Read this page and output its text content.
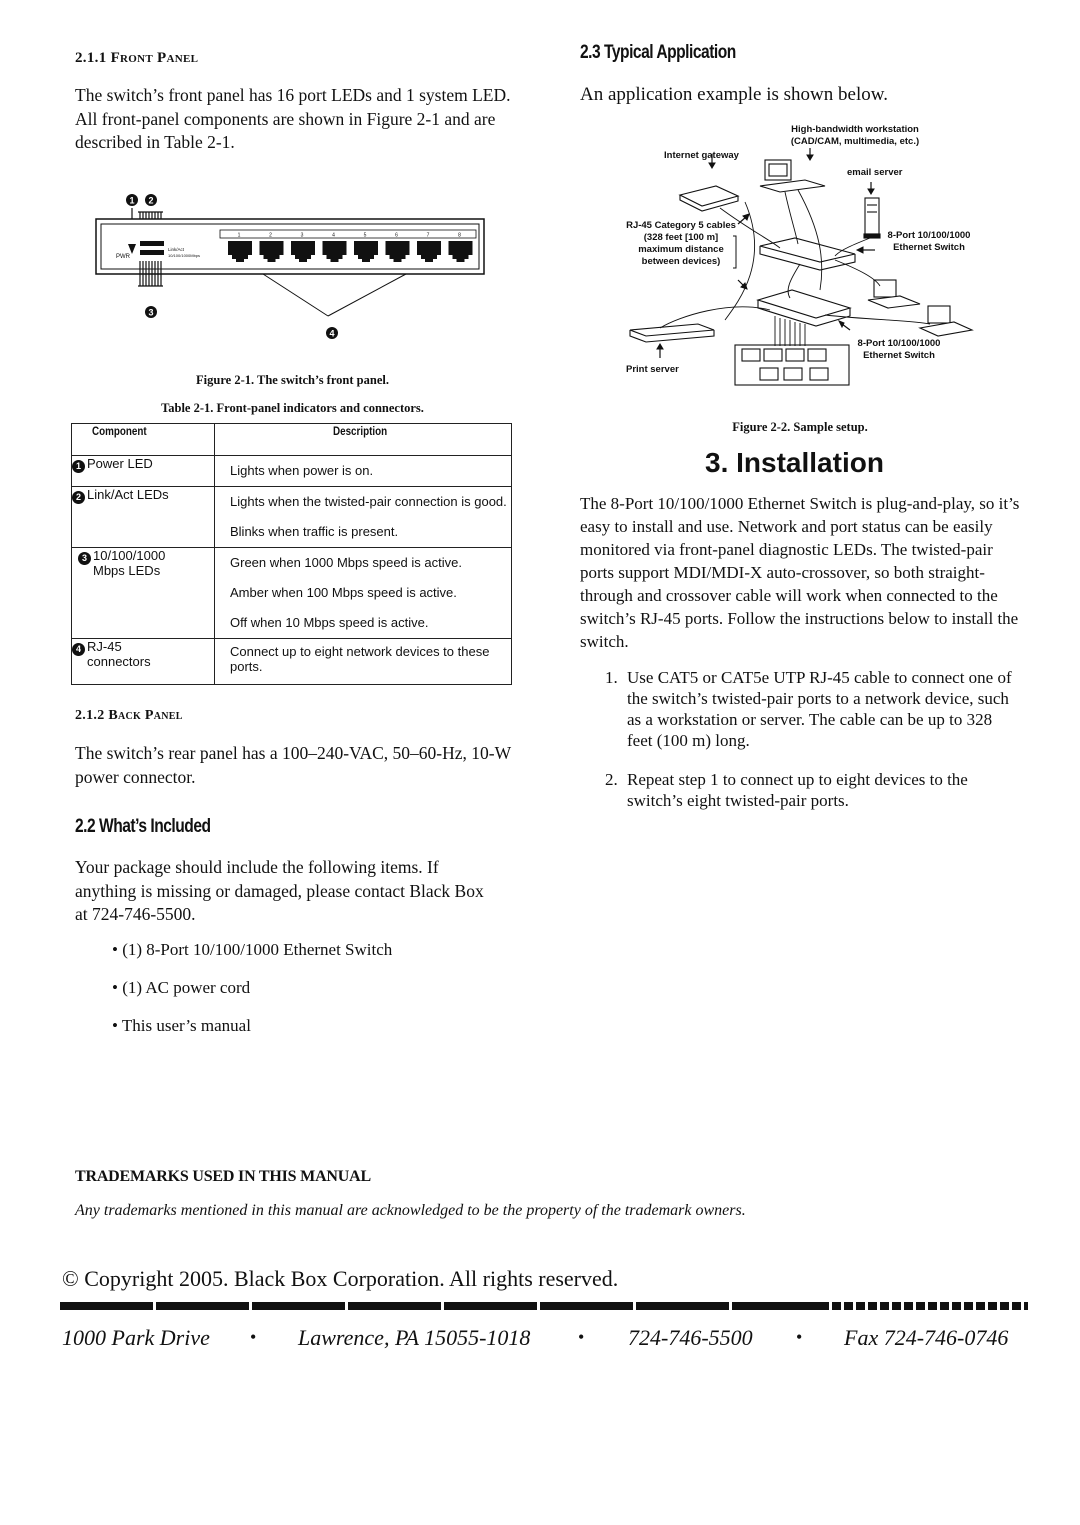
2.1.1 Front Panel
The switch’s front panel has 16 port LEDs and 1 system LED. All front-panel components are shown in Figure 2-1 and are described in Table 2-1.
1 2
PWR
Link/Act
10/100/1000Mbps
1	2	3	4	5	6	7	8
3
4
Figure 2-1. The switch’s front panel.
Table 2-1. Front-panel indicators and connectors.
Component	Description
1 Power LED	Lights when power is on.

2 Link/Act LEDs	Lights when the twisted-pair connection is good.
Blinks when traffic is present.

3 10/100/1000 Mbps LEDs	Green when 1000 Mbps speed is active.
Amber when 100 Mbps speed is active.
Off when 10 Mbps speed is active.

4 RJ-45 connectors	Connect up to eight network devices to these ports.
2.1.2 Back Panel
The switch’s rear panel has a 100–240-VAC, 50–60-Hz, 10-W power connector.
2.2 What’s Included
Your package should include the following items. If anything is missing or damaged, please contact Black Box at 724-746-5500.
• (1) 8-Port 10/100/1000 Ethernet Switch
• (1) AC power cord
• This user’s manual
2.3 Typical Application
An application example is shown below.
High-bandwidth workstation (CAD/CAM, multimedia, etc.)
Internet gateway
email server
RJ-45 Category 5 cables (328 feet [100 m] maximum distance between devices)
8-Port 10/100/1000 Ethernet Switch
8-Port 10/100/1000 Ethernet Switch
Print server
Figure 2-2. Sample setup.
3. Installation
The 8-Port 10/100/1000 Ethernet Switch is plug-and-play, so it’s easy to install and use. Network and port status can be easily monitored via front-panel diagnostic LEDs. The twisted-pair ports support MDI/MDI-X auto-crossover, so both straight-through and crossover cable will work when connected to the switch’s RJ-45 ports. Follow the instructions below to install the switch.
1. Use CAT5 or CAT5e UTP RJ-45 cable to connect one of the switch’s twisted-pair ports to a network device, such as a workstation or server. The cable can be up to 328 feet (100 m) long.
2. Repeat step 1 to connect up to eight devices to the switch’s eight twisted-pair ports.
TRADEMARKS USED IN THIS MANUAL
Any trademarks mentioned in this manual are acknowledged to be the property of the trademark owners.
© Copyright 2005. Black Box Corporation. All rights reserved.
1000 Park Drive • Lawrence, PA 15055-1018	• 724-746-5500 • Fax 724-746-0746
